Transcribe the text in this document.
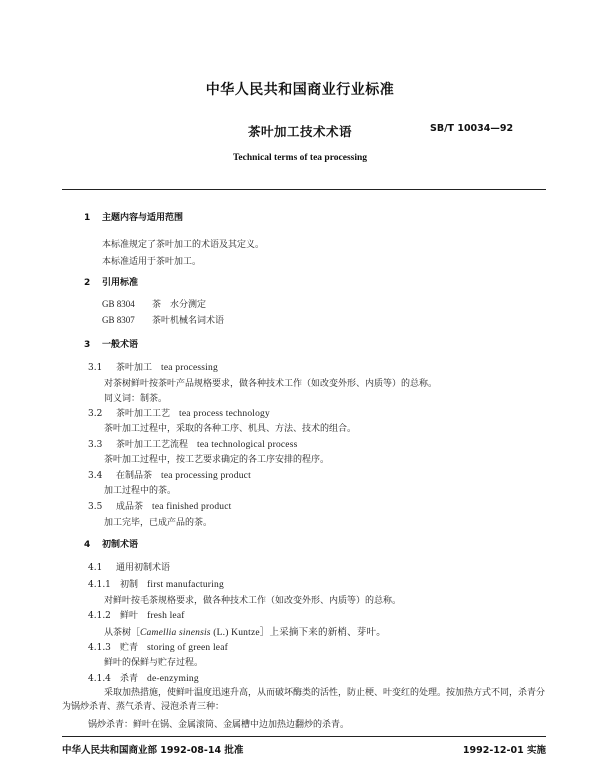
中华人民共和国商业行业标准
茶叶加工技术术语	SB/T 10034—92
Technical terms of tea processing
1 主题内容与适用范围
本标准规定了茶叶加工的术语及其定义。
本标准适用于茶叶加工。
2 引用标准
GB 8304 茶　水分测定
GB 8307 茶叶机械名词术语
3 一般术语
3.1 茶叶加工　 tea processing
对茶树鲜叶按茶叶产品规格要求，做各种技术工作（如改变外形、内质等）的总称。
同义词：制茶。
3.2 茶叶加工工艺　 tea process technology
茶叶加工过程中，采取的各种工序、机具、方法、技术的组合。
3.3 茶叶加工工艺流程　 tea technological process
茶叶加工过程中，按工艺要求确定的各工序安排的程序。
3.4 在制品茶　 tea processing product
加工过程中的茶。
3.5 成品茶　 tea finished product
加工完毕，已成产品的茶。
4 初制术语
4.1 通用初制术语
4.1.1 初制　 first manufacturing
对鲜叶按毛茶规格要求，做各种技术工作（如改变外形、内质等）的总称。
4.1.2 鲜叶　 fresh leaf
从茶树［Camellia sinensis (L.) Kuntze］上采摘下来的新梢、芽叶。
4.1.3 贮青　 storing of green leaf
鲜叶的保鲜与贮存过程。
4.1.4 杀青　 de-enzyming
采取加热措施，使鲜叶温度迅速升高，从而破坏酶类的活性，防止梗、叶变红的处理。按加热方式不同，杀青分为锅炒杀青、蒸气杀青、浸泡杀青三种：
锅炒杀青：鲜叶在锅、金属滚筒、金属槽中边加热边翻炒的杀青。
中华人民共和国商业部 1992-08-14 批准	1992-12-01 实施
